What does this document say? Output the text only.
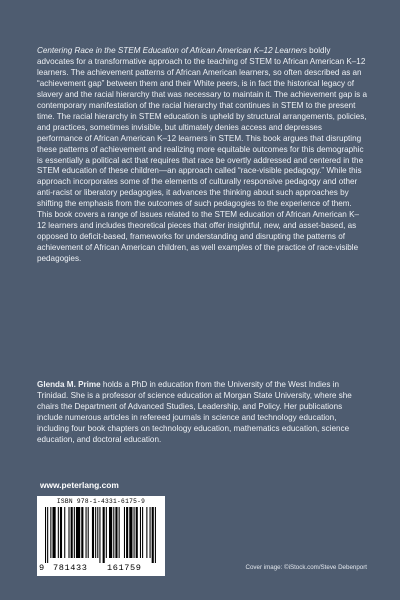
Centering Race in the STEM Education of African American K–12 Learners boldly advocates for a transformative approach to the teaching of STEM to African American K–12 learners. The achievement patterns of African American learners, so often described as an “achievement gap” between them and their White peers, is in fact the historical legacy of slavery and the racial hierarchy that was necessary to maintain it. The achievement gap is a contemporary manifestation of the racial hierarchy that continues in STEM to the present time. The racial hierarchy in STEM education is upheld by structural arrangements, policies, and practices, sometimes invisible, but ultimately denies access and depresses performance of African American K–12 learners in STEM. This book argues that disrupting these patterns of achievement and realizing more equitable outcomes for this demographic is essentially a political act that requires that race be overtly addressed and centered in the STEM education of these children—an approach called “race-visible pedagogy.” While this approach incorporates some of the elements of culturally responsive pedagogy and other anti-racist or liberatory pedagogies, it advances the thinking about such approaches by shifting the emphasis from the outcomes of such pedagogies to the experience of them. This book covers a range of issues related to the STEM education of African American K–12 learners and includes theoretical pieces that offer insightful, new, and asset-based, as opposed to deficit-based, frameworks for understanding and disrupting the patterns of achievement of African American children, as well examples of the practice of race-visible pedagogies.

Glenda M. Prime holds a PhD in education from the University of the West Indies in Trinidad. She is a professor of science education at Morgan State University, where she chairs the Department of Advanced Studies, Leadership, and Policy. Her publications include numerous articles in refereed journals in science and technology education, including four book chapters on technology education, mathematics education, science education, and doctoral education.

www.peterlang.com
ISBN 978-1-4331-6175-9
9 781433 161759	Cover image: ©iStock.com/Steve Debenport
